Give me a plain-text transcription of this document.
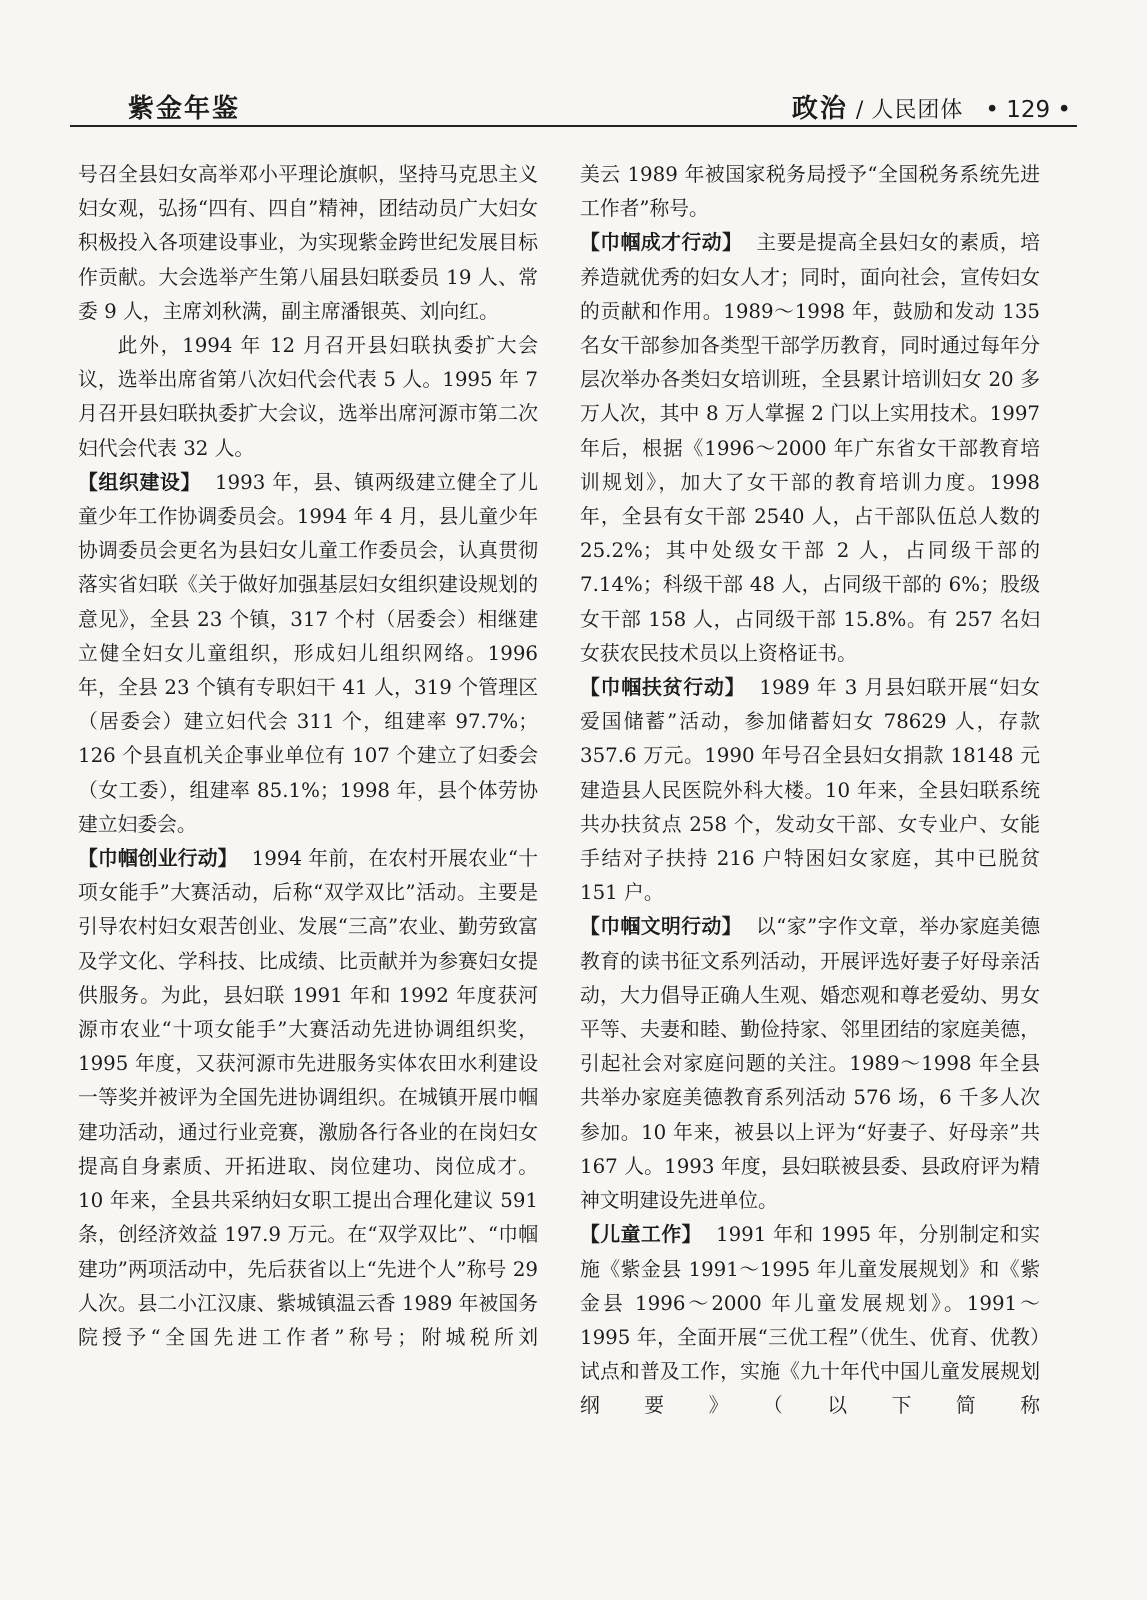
紫金年鉴	政治 / 人民团体 • 129 •

号召全县妇女高举邓小平理论旗帜，坚持马克思主义妇女观，弘扬“四有、四自”精神，团结动员广大妇女积极投入各项建设事业，为实现紫金跨世纪发展目标作贡献。大会选举产生第八届县妇联委员 19 人、常委 9 人，主席刘秋满，副主席潘银英、刘向红。

此外，1994 年 12 月召开县妇联执委扩大会议，选举出席省第八次妇代会代表 5 人。1995 年 7 月召开县妇联执委扩大会议，选举出席河源市第二次妇代会代表 32 人。

【组织建设】 1993 年，县、镇两级建立健全了儿童少年工作协调委员会。1994 年 4 月，县儿童少年协调委员会更名为县妇女儿童工作委员会，认真贯彻落实省妇联《关于做好加强基层妇女组织建设规划的意见》，全县 23 个镇，317 个村（居委会）相继建立健全妇女儿童组织，形成妇儿组织网络。1996 年，全县 23 个镇有专职妇干 41 人，319 个管理区（居委会）建立妇代会 311 个，组建率 97.7%；126 个县直机关企事业单位有 107 个建立了妇委会（女工委），组建率 85.1%；1998 年，县个体劳协建立妇委会。

【巾帼创业行动】 1994 年前，在农村开展农业“十项女能手”大赛活动，后称“双学双比”活动。主要是引导农村妇女艰苦创业、发展“三高”农业、勤劳致富及学文化、学科技、比成绩、比贡献并为参赛妇女提供服务。为此，县妇联 1991 年和 1992 年度获河源市农业“十项女能手”大赛活动先进协调组织奖，1995 年度，又获河源市先进服务实体农田水利建设一等奖并被评为全国先进协调组织。在城镇开展巾帼建功活动，通过行业竞赛，激励各行各业的在岗妇女提高自身素质、开拓进取、岗位建功、岗位成才。10 年来，全县共采纳妇女职工提出合理化建议 591 条，创经济效益 197.9 万元。在“双学双比”、“巾帼建功”两项活动中，先后获省以上“先进个人”称号 29 人次。县二小江汉康、紫城镇温云香 1989 年被国务院授予“全国先进工作者”称号；附城税所刘

美云 1989 年被国家税务局授予“全国税务系统先进工作者”称号。

【巾帼成才行动】 主要是提高全县妇女的素质，培养造就优秀的妇女人才；同时，面向社会，宣传妇女的贡献和作用。1989～1998 年，鼓励和发动 135 名女干部参加各类型干部学历教育，同时通过每年分层次举办各类妇女培训班，全县累计培训妇女 20 多万人次，其中 8 万人掌握 2 门以上实用技术。1997 年后，根据《1996～2000 年广东省女干部教育培训规划》，加大了女干部的教育培训力度。1998 年，全县有女干部 2540 人，占干部队伍总人数的 25.2%；其中处级女干部 2 人，占同级干部的 7.14%；科级干部 48 人，占同级干部的 6%；股级女干部 158 人，占同级干部 15.8%。有 257 名妇女获农民技术员以上资格证书。

【巾帼扶贫行动】 1989 年 3 月县妇联开展“妇女爱国储蓄”活动，参加储蓄妇女 78629 人，存款 357.6 万元。1990 年号召全县妇女捐款 18148 元建造县人民医院外科大楼。10 年来，全县妇联系统共办扶贫点 258 个，发动女干部、女专业户、女能手结对子扶持 216 户特困妇女家庭，其中已脱贫 151 户。

【巾帼文明行动】 以“家”字作文章，举办家庭美德教育的读书征文系列活动，开展评选好妻子好母亲活动，大力倡导正确人生观、婚恋观和尊老爱幼、男女平等、夫妻和睦、勤俭持家、邻里团结的家庭美德，引起社会对家庭问题的关注。1989～1998 年全县共举办家庭美德教育系列活动 576 场，6 千多人次参加。10 年来，被县以上评为“好妻子、好母亲”共 167 人。1993 年度，县妇联被县委、县政府评为精神文明建设先进单位。

【儿童工作】 1991 年和 1995 年，分别制定和实施《紫金县 1991～1995 年儿童发展规划》和《紫金县 1996～2000 年儿童发展规划》。1991～1995 年，全面开展“三优工程”（优生、优育、优教）试点和普及工作，实施《九十年代中国儿童发展规划纲要》（以下简称
